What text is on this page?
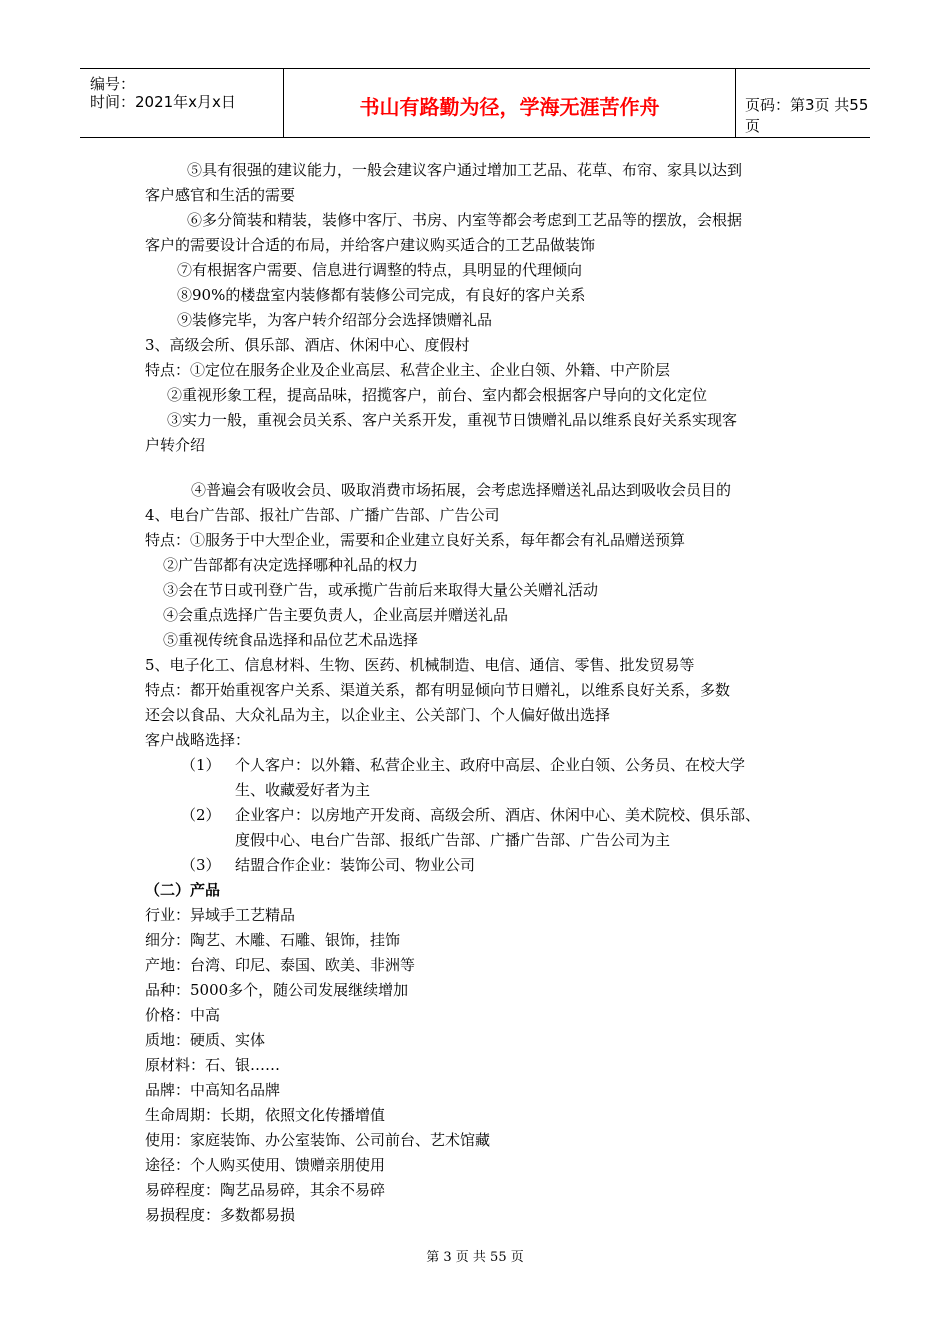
编号：
时间：2021年x月x日	书山有路勤为径，学海无涯苦作舟	页码：第3页 共55页
⑤具有很强的建议能力，一般会建议客户通过增加工艺品、花草、布帘、家具以达到
客户感官和生活的需要
⑥多分简装和精装，装修中客厅、书房、内室等都会考虑到工艺品等的摆放，会根据
客户的需要设计合适的布局，并给客户建议购买适合的工艺品做装饰
⑦有根据客户需要、信息进行调整的特点，具明显的代理倾向
⑧90%的楼盘室内装修都有装修公司完成，有良好的客户关系
⑨装修完毕，为客户转介绍部分会选择馈赠礼品
3、高级会所、俱乐部、酒店、休闲中心、度假村
特点：①定位在服务企业及企业高层、私营企业主、企业白领、外籍、中产阶层
②重视形象工程，提高品味，招揽客户，前台、室内都会根据客户导向的文化定位
③实力一般，重视会员关系、客户关系开发，重视节日馈赠礼品以维系良好关系实现客
户转介绍
④普遍会有吸收会员、吸取消费市场拓展，会考虑选择赠送礼品达到吸收会员目的
4、电台广告部、报社广告部、广播广告部、广告公司
特点：①服务于中大型企业，需要和企业建立良好关系，每年都会有礼品赠送预算
②广告部都有决定选择哪种礼品的权力
③会在节日或刊登广告，或承揽广告前后来取得大量公关赠礼活动
④会重点选择广告主要负责人，企业高层并赠送礼品
⑤重视传统食品选择和品位艺术品选择
5、电子化工、信息材料、生物、医药、机械制造、电信、通信、零售、批发贸易等
特点：都开始重视客户关系、渠道关系，都有明显倾向节日赠礼，以维系良好关系，多数
还会以食品、大众礼品为主，以企业主、公关部门、个人偏好做出选择
客户战略选择：
（1） 个人客户：以外籍、私营企业主、政府中高层、企业白领、公务员、在校大学
生、收藏爱好者为主
（2） 企业客户：以房地产开发商、高级会所、酒店、休闲中心、美术院校、俱乐部、
度假中心、电台广告部、报纸广告部、广播广告部、广告公司为主
（3） 结盟合作企业：装饰公司、物业公司
（二）产品
行业：异域手工艺精品
细分：陶艺、木雕、石雕、银饰，挂饰
产地：台湾、印尼、泰国、欧美、非洲等
品种：5000多个，随公司发展继续增加
价格：中高
质地：硬质、实体
原材料：石、银……
品牌：中高知名品牌
生命周期：长期，依照文化传播增值
使用：家庭装饰、办公室装饰、公司前台、艺术馆藏
途径：个人购买使用、馈赠亲朋使用
易碎程度：陶艺品易碎，其余不易碎
易损程度：多数都易损
第 3 页 共 55 页
